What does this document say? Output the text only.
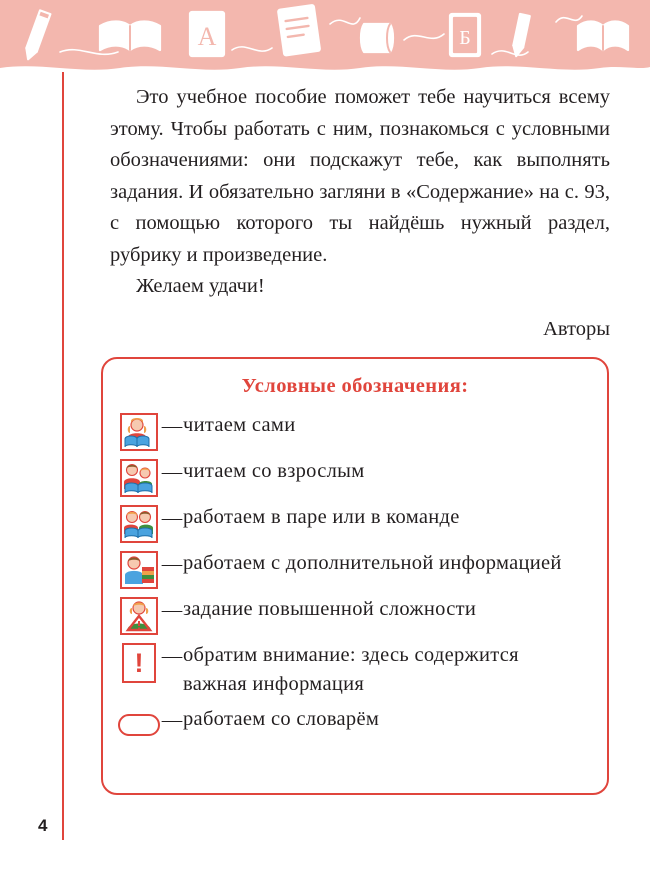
А	Б
4

Это учебное пособие поможет тебе научиться всему этому. Чтобы работать с ним, познакомься с условными обозначениями: они подскажут тебе, как выполнять задания. И обязательно загляни в «Содержание» на с. 93, с помощью которого ты найдёшь нужный раздел, рубрику и произведение.

Желаем удачи!

Авторы
Условные обозначения:
— читаем сами
— читаем со взрослым
— работаем в паре или в команде
— работаем с дополнительной информацией
— задание повышенной сложности
! — обратим внимание: здесь содержится важная информация
— работаем со словарём
